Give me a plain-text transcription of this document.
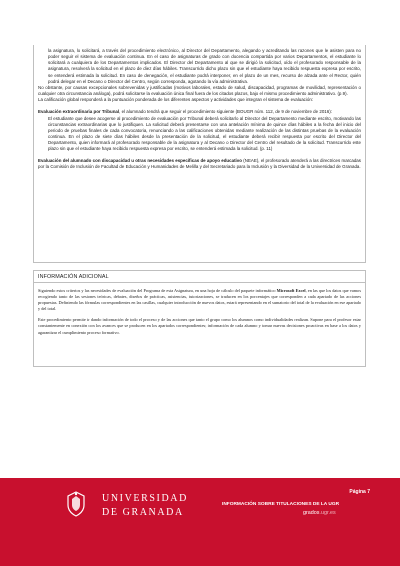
la asignatura, lo solicitará, a través del procedimiento electrónico, al Director del Departamento, alegando y acreditando las razones que le asisten para no poder seguir el sistema de evaluación continua. En el caso de asignaturas de grado con docencia compartida por varios Departamentos, el estudiante lo solicitará a cualquiera de los Departamentos implicados. El Director del Departamento al que se dirigió la solicitud, oído el profesorado responsable de la asignatura, resolverá la solicitud en el plazo de diez días hábiles. Transcurrido dicho plazo sin que el estudiante haya recibido respuesta expresa por escrito, se entenderá estimada la solicitud. En caso de denegación, el estudiante podrá interponer, en el plazo de un mes, recurso de alzada ante el Rector, quién podrá delegar en el Decano o Director del Centro, según corresponda, agotando la vía administrativa.

No obstante, por causas excepcionales sobrevenidas y justificadas (motivos laborales, estado de salud, discapacidad, programas de movilidad, representación o cualquier otra circunstancia análoga), podrá solicitarse la evaluación única final fuera de los citados plazos, bajo el mismo procedimiento administrativo. (p.9).

La calificación global responderá a la puntuación ponderada de los diferentes aspectos y actividades que integran el sistema de evaluación:

Evaluación extraordinaria por Tribunal, el alumnado tendrá que seguir el procedimiento siguiente (BOUGR núm. 112, de 9 de noviembre de 2016):

El estudiante que desee acogerse al procedimiento de evaluación por Tribunal deberá solicitarlo al Director del Departamento mediante escrito, motivando las circunstancias extraordinarias que lo justifiquen. La solicitud deberá presentarse con una antelación mínima de quince días hábiles a la fecha del inicio del periodo de pruebas finales de cada convocatoria, renunciando a las calificaciones obtenidas mediante realización de las distintas pruebas de la evaluación continua. En el plazo de siete días hábiles desde la presentación de la solicitud, el estudiante deberá recibir respuesta por escrito del Director del Departamento, quien informará al profesorado responsable de la asignatura y al Decano o Director del Centro del resultado de la solicitud. Transcurrido este plazo sin que el estudiante haya recibido respuesta expresa por escrito, se entenderá estimada la solicitud. (p. 11)

Evaluación del alumnado con discapacidad u otras necesidades específicas de apoyo educativo (NEAE), el profesorado atenderá a las directrices marcadas por la Comisión de Inclusión de Facultad de Educación y Humanidades de Melilla y del Secretariado para la Inclusión y la Diversidad de la Universidad de Granada.

INFORMACIÓN ADICIONAL

Siguiendo estos criterios y las necesidades de evaluación del Programa de esta Asignatura, en una hoja de cálculo del paquete informático Microsoft Excel, en las que los datos que vamos recogiendo tanto de las sesiones teóricas, debates, diseños de prácticas, asistencias, tutorizaciones, se traducen en los porcentajes que corresponden a cada apartado de las acciones propuestas. Definiendo las fórmulas correspondientes en las casillas, cualquier introducción de nuevos datos, estará representando en el sumatorio del total de la evaluación en ese apartado y del total.

Este procedimiento permite ir dando información de todo el proceso y de las acciones que tanto el grupo como los alumnos como individualidades realizan. Supone para el profesor estar constantemente en conexión con los avances que se producen en los apartados correspondientes; información de cada alumno y tomar nuevas decisiones proactivas en base a los datos y agarantizar el cumplimiento proceso formativo.

UNIVERSIDAD
DE GRANADA
Página 7
INFORMACIÓN SOBRE TITULACIONES DE LA UGR
grados.ugr.es
